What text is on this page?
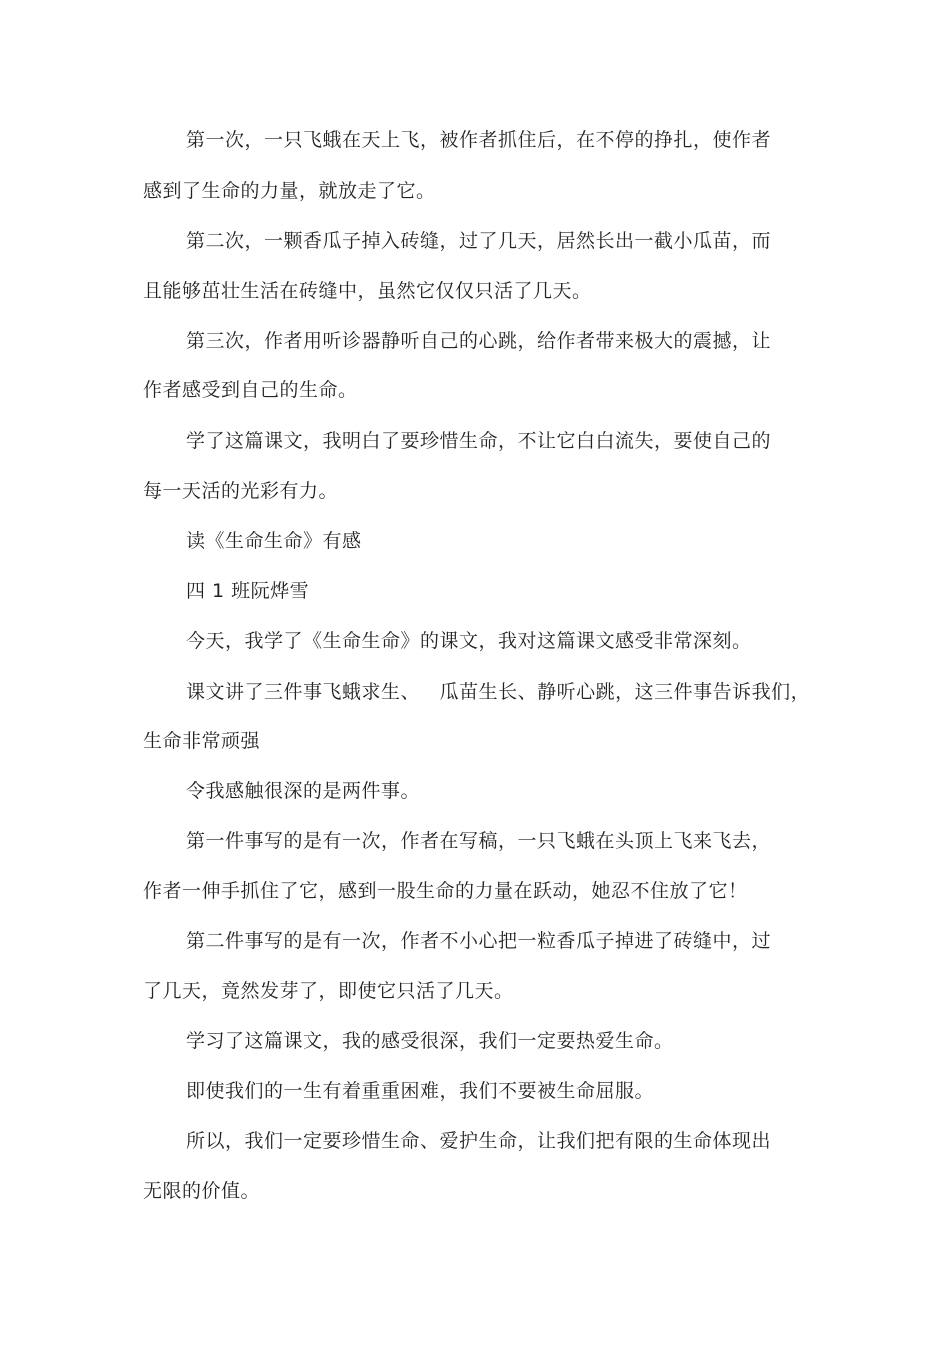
第一次，一只飞蛾在天上飞，被作者抓住后，在不停的挣扎，使作者
感到了生命的力量，就放走了它。
第二次，一颗香瓜子掉入砖缝，过了几天，居然长出一截小瓜苗，而
且能够茁壮生活在砖缝中，虽然它仅仅只活了几天。
第三次，作者用听诊器静听自己的心跳，给作者带来极大的震撼，让
作者感受到自己的生命。
学了这篇课文，我明白了要珍惜生命，不让它白白流失，要使自己的
每一天活的光彩有力。
读《生命生命》有感
四 1 班阮烨雪
今天，我学了《生命生命》的课文，我对这篇课文感受非常深刻。
课文讲了三件事飞蛾求生、   瓜苗生长、静听心跳，这三件事告诉我们，
生命非常顽强
令我感触很深的是两件事。
第一件事写的是有一次，作者在写稿，一只飞蛾在头顶上飞来飞去，
作者一伸手抓住了它，感到一股生命的力量在跃动，她忍不住放了它！
第二件事写的是有一次，作者不小心把一粒香瓜子掉进了砖缝中，过
了几天，竟然发芽了，即使它只活了几天。
学习了这篇课文，我的感受很深，我们一定要热爱生命。
即使我们的一生有着重重困难，我们不要被生命屈服。
所以，我们一定要珍惜生命、爱护生命，让我们把有限的生命体现出
无限的价值。
